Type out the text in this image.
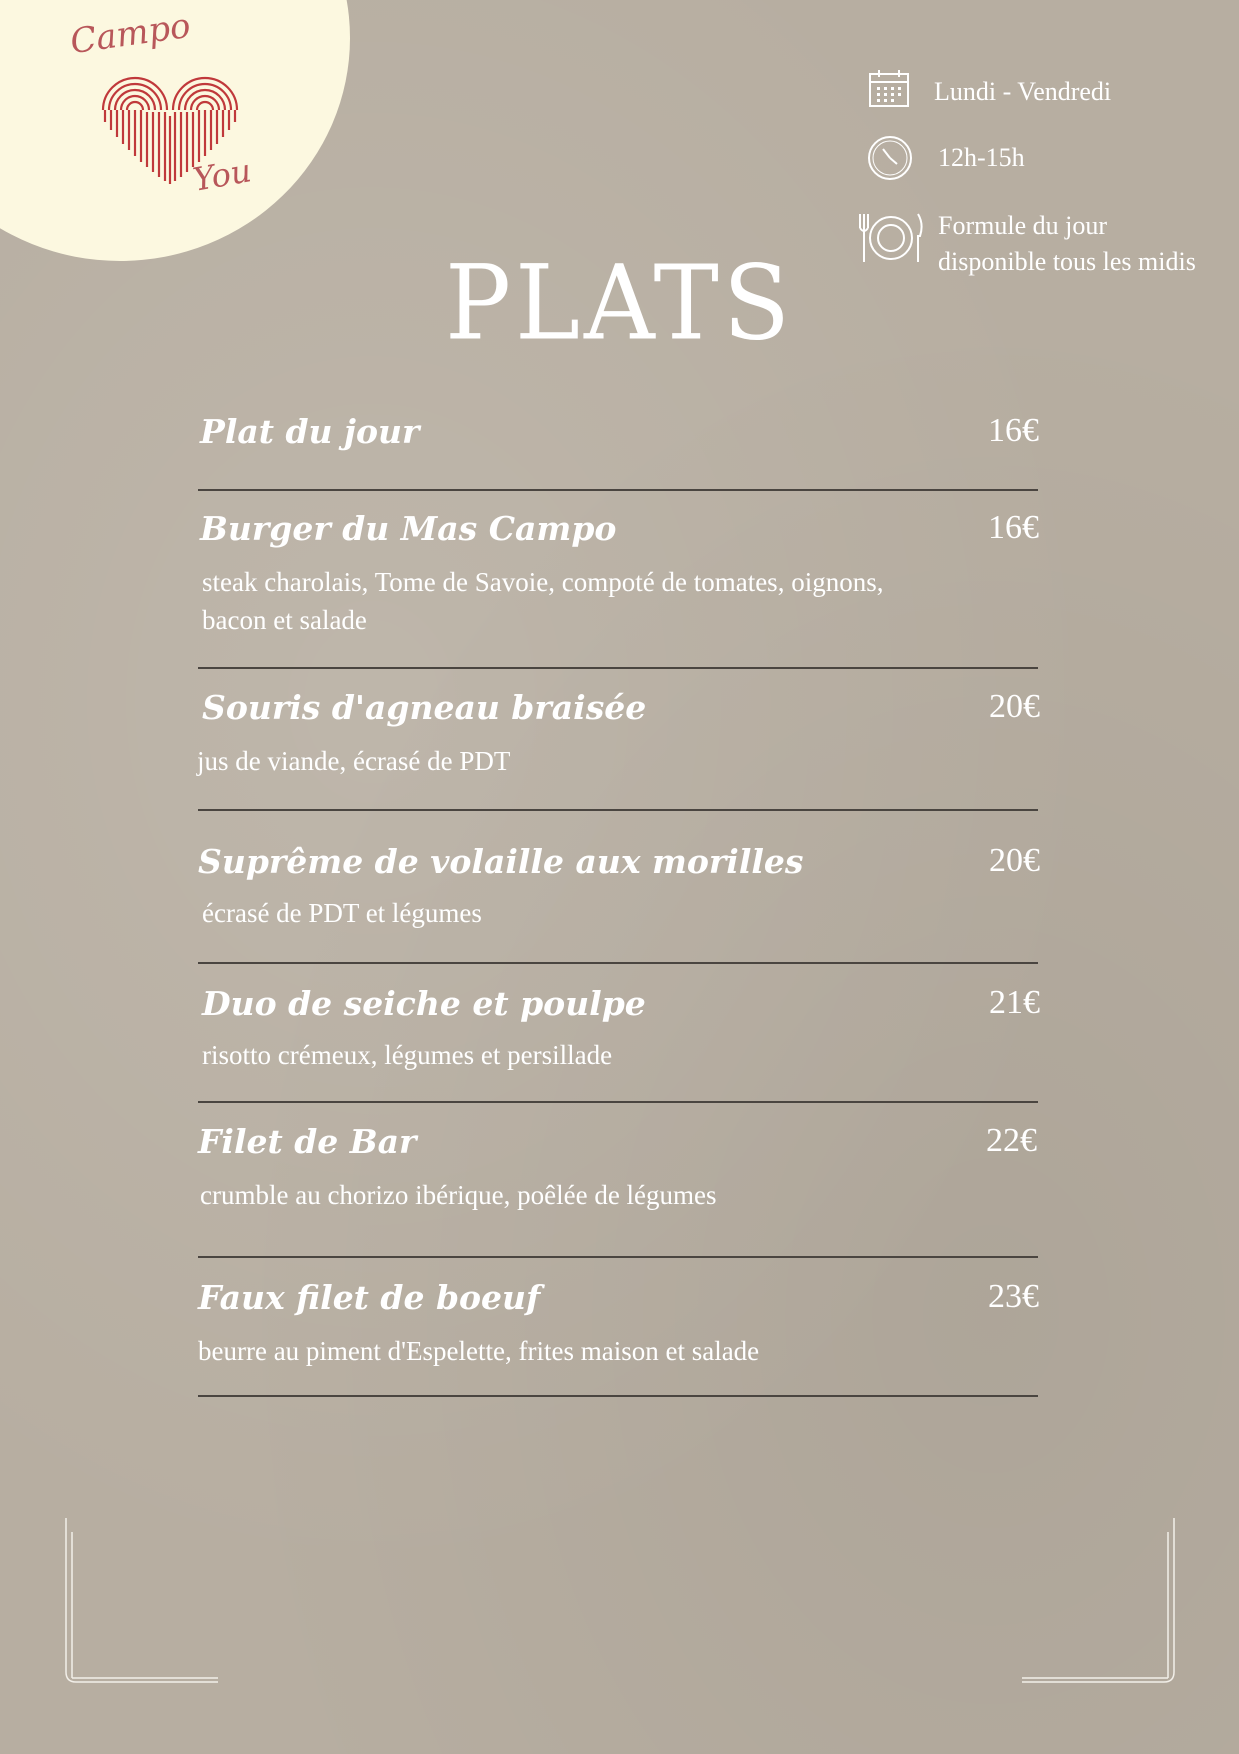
Campo
You
Lundi - Vendredi
12h-15h
Formule du jour
disponible tous les midis
PLATS
Plat du jour	16€
Burger du Mas Campo	16€
steak charolais, Tome de Savoie, compoté de tomates, oignons, bacon et salade
Souris d'agneau braisée	20€
jus de viande, écrasé de PDT
Suprême de volaille aux morilles	20€
écrasé de PDT et légumes
Duo de seiche et poulpe	21€
risotto crémeux, légumes et persillade
Filet de Bar	22€
crumble au chorizo ibérique, poêlée de légumes
Faux filet de boeuf	23€
beurre au piment d'Espelette, frites maison et salade
